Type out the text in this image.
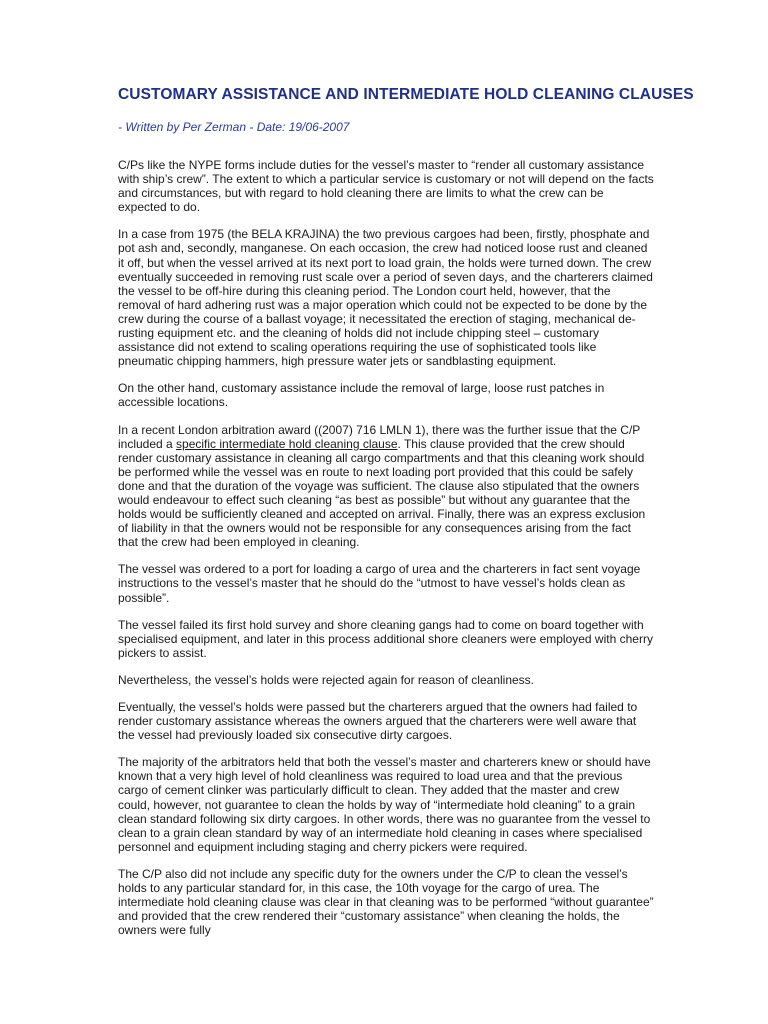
CUSTOMARY ASSISTANCE AND INTERMEDIATE HOLD CLEANING CLAUSES
- Written by Per Zerman - Date: 19/06-2007

C/Ps like the NYPE forms include duties for the vessel’s master to “render all customary assistance with ship’s crew”. The extent to which a particular service is customary or not will depend on the facts and circumstances, but with regard to hold cleaning there are limits to what the crew can be expected to do.

In a case from 1975 (the BELA KRAJINA) the two previous cargoes had been, firstly, phosphate and pot ash and, secondly, manganese. On each occasion, the crew had noticed loose rust and cleaned it off, but when the vessel arrived at its next port to load grain, the holds were turned down. The crew eventually succeeded in removing rust scale over a period of seven days, and the charterers claimed the vessel to be off-hire during this cleaning period. The London court held, however, that the removal of hard adhering rust was a major operation which could not be expected to be done by the crew during the course of a ballast voyage; it necessitated the erection of staging, mechanical de-rusting equipment etc. and the cleaning of holds did not include chipping steel – customary assistance did not extend to scaling operations requiring the use of sophisticated tools like pneumatic chipping hammers, high pressure water jets or sandblasting equipment.

On the other hand, customary assistance include the removal of large, loose rust patches in accessible locations.

In a recent London arbitration award ((2007) 716 LMLN 1), there was the further issue that the C/P included a specific intermediate hold cleaning clause. This clause provided that the crew should render customary assistance in cleaning all cargo compartments and that this cleaning work should be performed while the vessel was en route to next loading port provided that this could be safely done and that the duration of the voyage was sufficient. The clause also stipulated that the owners would endeavour to effect such cleaning “as best as possible” but without any guarantee that the holds would be sufficiently cleaned and accepted on arrival. Finally, there was an express exclusion of liability in that the owners would not be responsible for any consequences arising from the fact that the crew had been employed in cleaning.

The vessel was ordered to a port for loading a cargo of urea and the charterers in fact sent voyage instructions to the vessel’s master that he should do the “utmost to have vessel’s holds clean as possible”.

The vessel failed its first hold survey and shore cleaning gangs had to come on board together with specialised equipment, and later in this process additional shore cleaners were employed with cherry pickers to assist.

Nevertheless, the vessel’s holds were rejected again for reason of cleanliness.

Eventually, the vessel’s holds were passed but the charterers argued that the owners had failed to render customary assistance whereas the owners argued that the charterers were well aware that the vessel had previously loaded six consecutive dirty cargoes.

The majority of the arbitrators held that both the vessel’s master and charterers knew or should have known that a very high level of hold cleanliness was required to load urea and that the previous cargo of cement clinker was particularly difficult to clean. They added that the master and crew could, however, not guarantee to clean the holds by way of “intermediate hold cleaning” to a grain clean standard following six dirty cargoes. In other words, there was no guarantee from the vessel to clean to a grain clean standard by way of an intermediate hold cleaning in cases where specialised personnel and equipment including staging and cherry pickers were required.

The C/P also did not include any specific duty for the owners under the C/P to clean the vessel’s holds to any particular standard for, in this case, the 10th voyage for the cargo of urea. The intermediate hold cleaning clause was clear in that cleaning was to be performed “without guarantee” and provided that the crew rendered their “customary assistance” when cleaning the holds, the owners were fully
